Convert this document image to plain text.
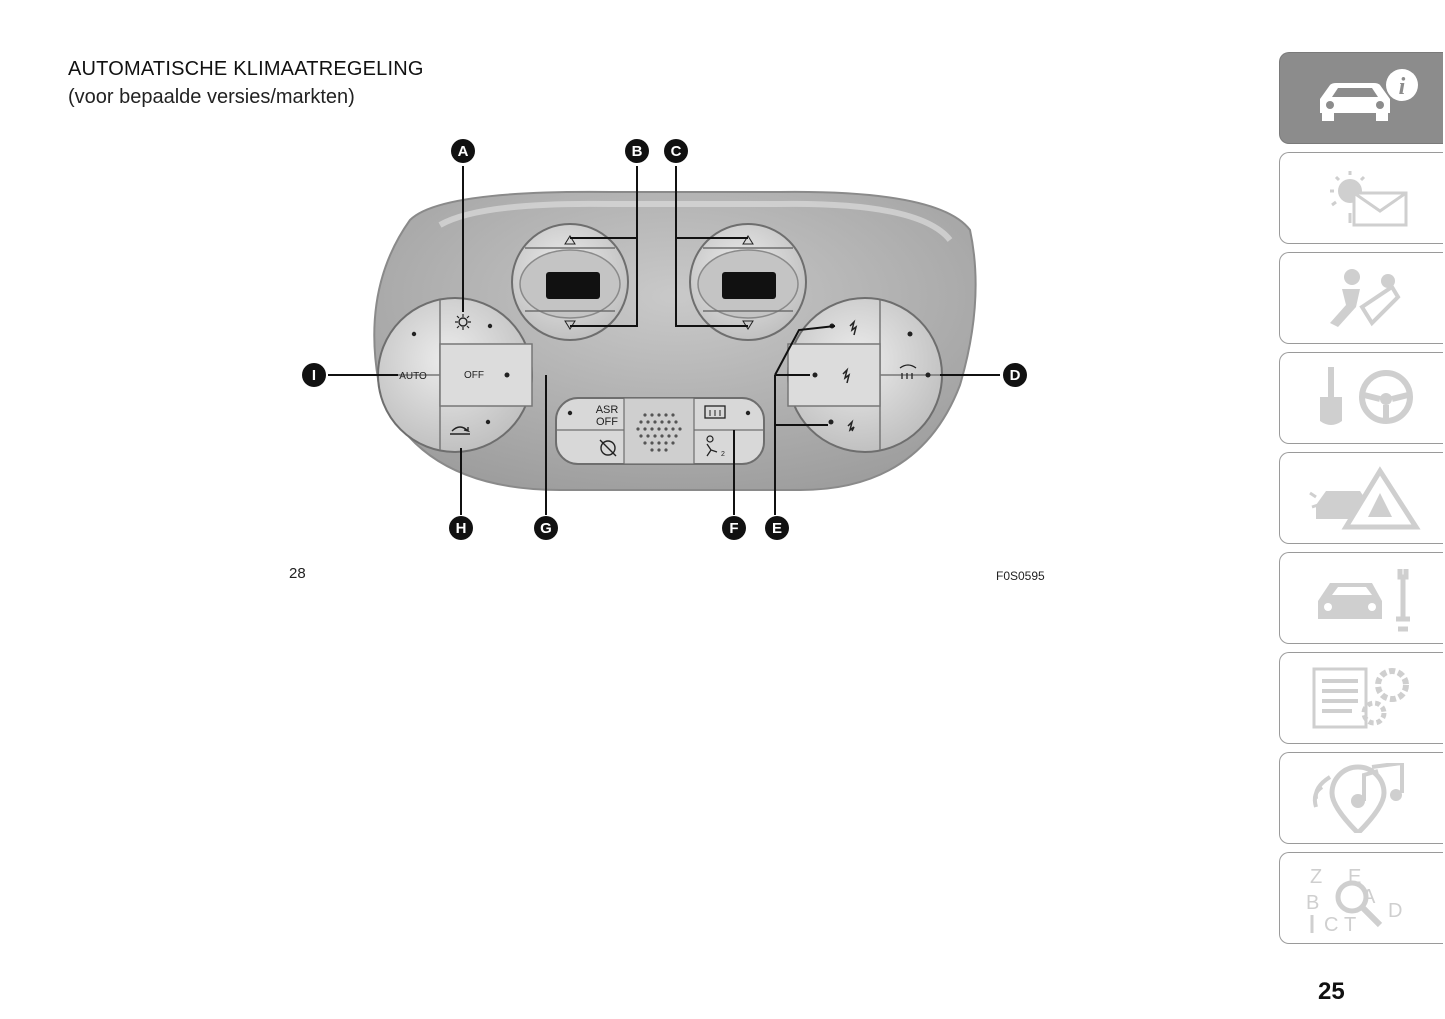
AUTOMATISCHE KLIMAATREGELING
(voor bepaalde versies/markten)
AUTO	OFF
ASR
OFF
2
A	B C
D
E
F
G
H
I
28	F0S0595
i
Z E
A
B	D
C T
25
